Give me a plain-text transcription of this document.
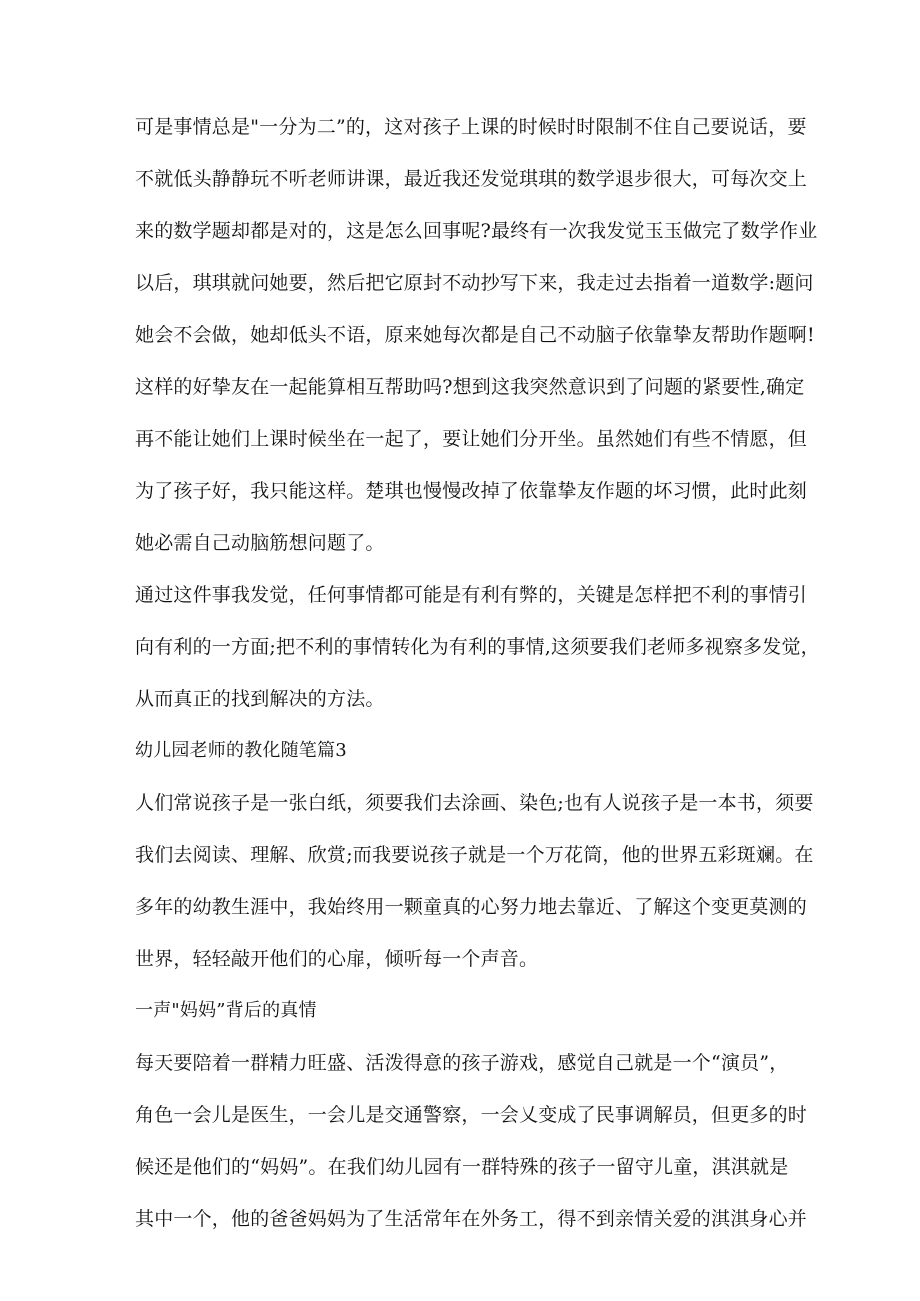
可是事情总是"一分为二”的，这对孩子上课的时候时时限制不住自己要说话，要

不就低头静静玩不听老师讲课，最近我还发觉琪琪的数学退步很大，可每次交上

来的数学题却都是对的，这是怎么回事呢?最终有一次我发觉玉玉做完了数学作业

以后，琪琪就问她要，然后把它原封不动抄写下来，我走过去指着一道数学:题问

她会不会做，她却低头不语，原来她每次都是自己不动脑子依靠挚友帮助作题啊!

这样的好挚友在一起能算相互帮助吗?想到这我突然意识到了问题的紧要性,确定

再不能让她们上课时候坐在一起了，要让她们分开坐。虽然她们有些不情愿，但

为了孩子好，我只能这样。楚琪也慢慢改掉了依靠挚友作题的坏习惯，此时此刻

她必需自己动脑筋想问题了。

通过这件事我发觉，任何事情都可能是有利有弊的，关键是怎样把不利的事情引

向有利的一方面;把不利的事情转化为有利的事情,这须要我们老师多视察多发觉，

从而真正的找到解决的方法。

幼儿园老师的教化随笔篇3

人们常说孩子是一张白纸，须要我们去涂画、染色;也有人说孩子是一本书，须要

我们去阅读、理解、欣赏;而我要说孩子就是一个万花筒，他的世界五彩斑斓。在

多年的幼教生涯中，我始终用一颗童真的心努力地去靠近、了解这个变更莫测的

世界，轻轻敲开他们的心扉，倾听每一个声音。

一声"妈妈”背后的真情

每天要陪着一群精力旺盛、活泼得意的孩子游戏，感觉自己就是一个“演员”，

角色一会儿是医生，一会儿是交通警察，一会乂变成了民事调解员，但更多的时

候还是他们的“妈妈”。在我们幼儿园有一群特殊的孩子一留守儿童，淇淇就是

其中一个，他的爸爸妈妈为了生活常年在外务工，得不到亲情关爱的淇淇身心并
